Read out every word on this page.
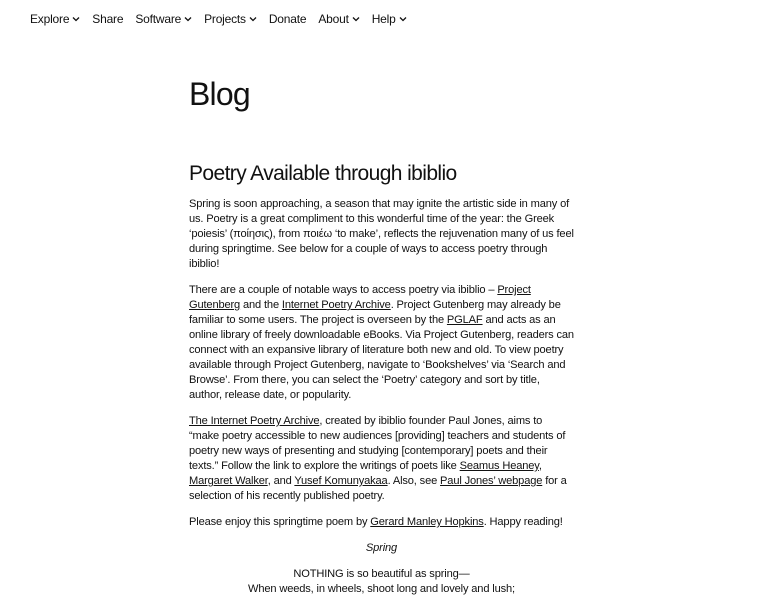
Explore Share Software Projects Donate About Help
Blog
Poetry Available through ibiblio

Spring is soon approaching, a season that may ignite the artistic side in many of us. Poetry is a great compliment to this wonderful time of the year: the Greek ‘poiesis’ (ποίησις), from ποιέω ‘to make’, reflects the rejuvenation many of us feel during springtime. See below for a couple of ways to access poetry through ibiblio!

There are a couple of notable ways to access poetry via ibiblio – Project Gutenberg and the Internet Poetry Archive. Project Gutenberg may already be familiar to some users. The project is overseen by the PGLAF and acts as an online library of freely downloadable eBooks. Via Project Gutenberg, readers can connect with an expansive library of literature both new and old. To view poetry available through Project Gutenberg, navigate to ‘Bookshelves’ via ‘Search and Browse’. From there, you can select the ‘Poetry’ category and sort by title, author, release date, or popularity.

The Internet Poetry Archive, created by ibiblio founder Paul Jones, aims to “make poetry accessible to new audiences [providing] teachers and students of poetry new ways of presenting and studying [contemporary] poets and their texts.” Follow the link to explore the writings of poets like Seamus Heaney, Margaret Walker, and Yusef Komunyakaa. Also, see Paul Jones’ webpage for a selection of his recently published poetry.

Please enjoy this springtime poem by Gerard Manley Hopkins. Happy reading!

Spring
NOTHING is so beautiful as spring—
When weeds, in wheels, shoot long and lovely and lush;
